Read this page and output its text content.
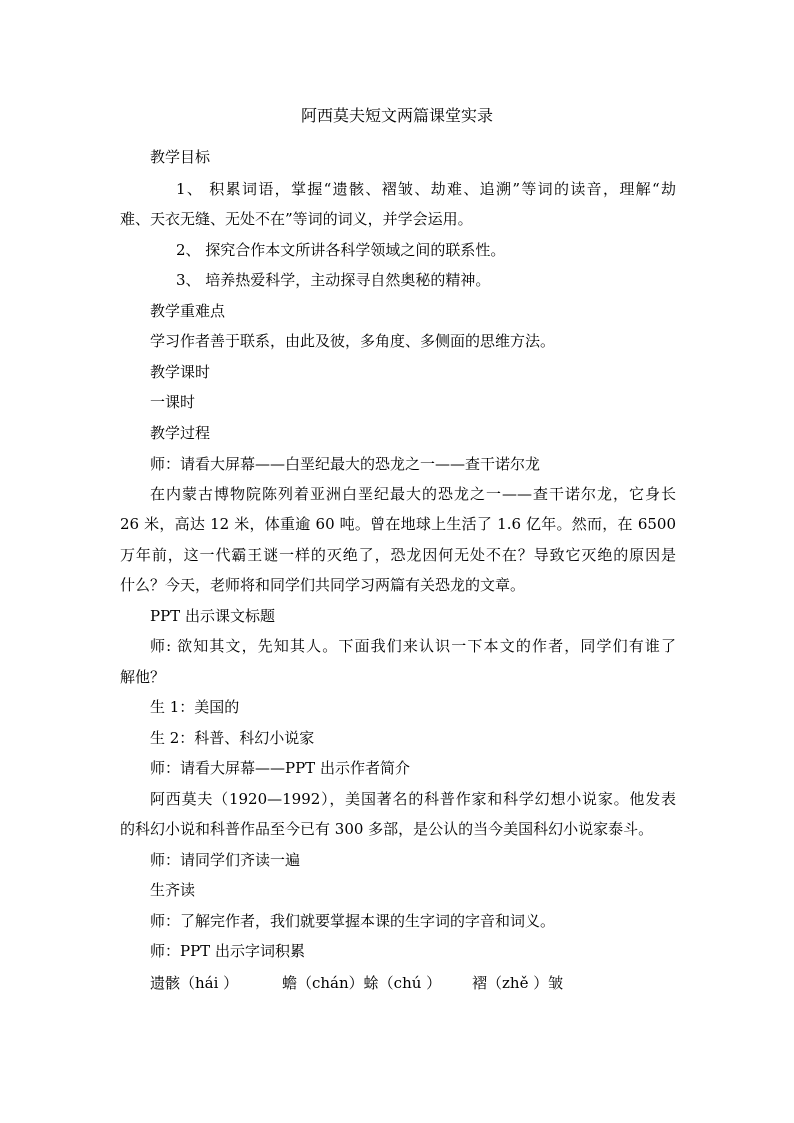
阿西莫夫短文两篇课堂实录

教学目标

1、 积累词语，掌握“遗骸、褶皱、劫难、追溯”等词的读音，理解“劫

难、天衣无缝、无处不在”等词的词义，并学会运用。

2、 探究合作本文所讲各科学领域之间的联系性。

3、 培养热爱科学，主动探寻自然奥秘的精神。

教学重难点

学习作者善于联系，由此及彼，多角度、多侧面的思维方法。

教学课时

一课时

教学过程

师：请看大屏幕——白垩纪最大的恐龙之一——查干诺尔龙

在内蒙古博物院陈列着亚洲白垩纪最大的恐龙之一——查干诺尔龙，它身长

26 米，高达 12 米，体重逾 60 吨。曾在地球上生活了 1.6 亿年。然而，在 6500

万年前，这一代霸王谜一样的灭绝了，恐龙因何无处不在？导致它灭绝的原因是

什么？今天，老师将和同学们共同学习两篇有关恐龙的文章。

PPT 出示课文标题

师: 欲知其文，先知其人。下面我们来认识一下本文的作者，同学们有谁了

解他？

生 1：美国的

生 2：科普、科幻小说家

师：请看大屏幕——PPT 出示作者简介

阿西莫夫（1920—1992），美国著名的科普作家和科学幻想小说家。他发表

的科幻小说和科普作品至今已有 300 多部，是公认的当今美国科幻小说家泰斗。

师：请同学们齐读一遍

生齐读

师：了解完作者，我们就要掌握本课的生字词的字音和词义。

师：PPT 出示字词积累

遗骸（hái ）	蟾（chán）蜍（chú ） 褶（zhě ）皱
